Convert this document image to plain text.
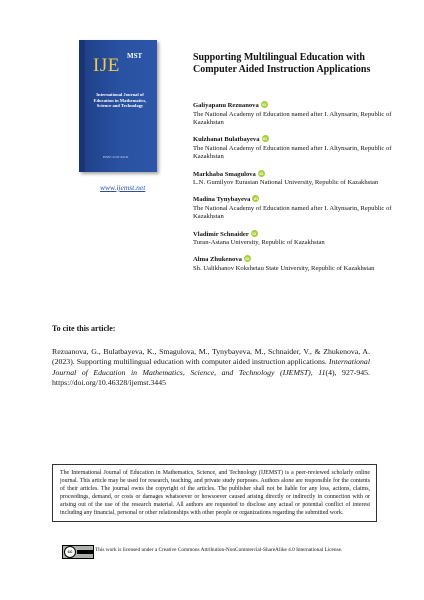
IJE MST
International Journal of Education in Mathematics, Science and Technology
ISSN: 2147-611X
www.ijemst.net
Supporting Multilingual Education with Computer Aided Instruction Applications
Galiyapanu Rezuanova iD
The National Academy of Education named after I. Altynsarin, Republic of Kazakhstan
Kulzhanat Bulatbayeva iD
The National Academy of Education named after I. Altynsarin, Republic of Kazakhstan
Markhaba Smagulova iD
L.N. Gumilyov Eurasian National University, Republic of Kazakhstan
Madina Tynybayeva iD
The National Academy of Education named after I. Altynsarin, Republic of Kazakhstan
Vladimir Schnaider iD
Turan-Astana University, Republic of Kazakhstan
Alma Zhukenova iD
Sh. Ualikhanov Kokshetau State University, Republic of Kazakhstan
To cite this article:

Rezuanova, G., Bulatbayeva, K., Smagulova, M., Tynybayeva, M., Schnaider, V., & Zhukenova, A. (2023). Supporting multilingual education with computer aided instruction applications. International Journal of Education in Mathematics, Science, and Technology (IJEMST), 11(4), 927-945. https://doi.org/10.46328/ijemst.3445

The International Journal of Education in Mathematics, Science, and Technology (IJEMST) is a peer-reviewed scholarly online journal. This article may be used for research, teaching, and private study purposes. Authors alone are responsible for the contents of their articles. The journal owns the copyright of the articles. The publisher shall not be liable for any loss, actions, claims, proceedings, demand, or costs or damages whatsoever or howsoever caused arising directly or indirectly in connection with or arising out of the use of the research material. All authors are requested to disclose any actual or potential conflict of interest including any financial, personal or other relationships with other people or organizations regarding the submitted work.
cc	This work is licensed under a Creative Commons Attribution-NonCommercial-ShareAlike 4.0 International License.
